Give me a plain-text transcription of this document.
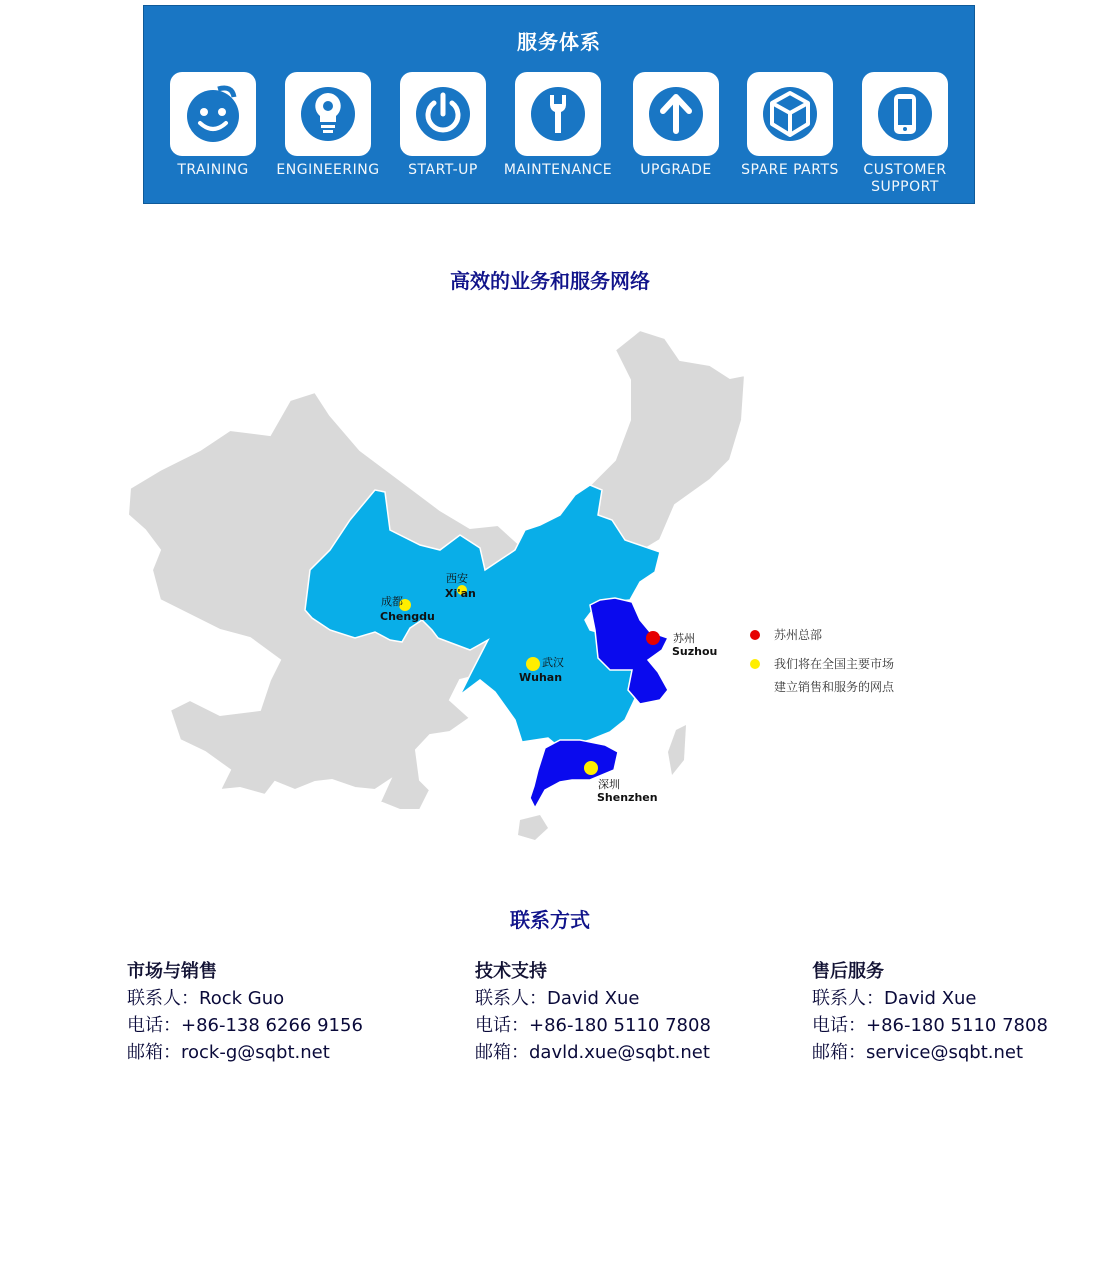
服务体系
TRAINING	ENGINEERING	START-UP	MAINTENANCE	UPGRADE	SPARE PARTS	CUSTOMER
SUPPORT
高效的业务和服务网络
西安
Xi'an
成都
Chengdu
武汉
Wuhan
苏州
Suzhou
深圳
Shenzhen
苏州总部
我们将在全国主要市场
建立销售和服务的网点
联系方式
市场与销售
联系人：Rock Guo
电话：+86-138 6266 9156
邮箱：rock-g@sqbt.net
技术支持
联系人：David Xue
电话：+86-180 5110 7808
邮箱：davld.xue@sqbt.net
售后服务
联系人：David Xue
电话：+86-180 5110 7808
邮箱：service@sqbt.net
